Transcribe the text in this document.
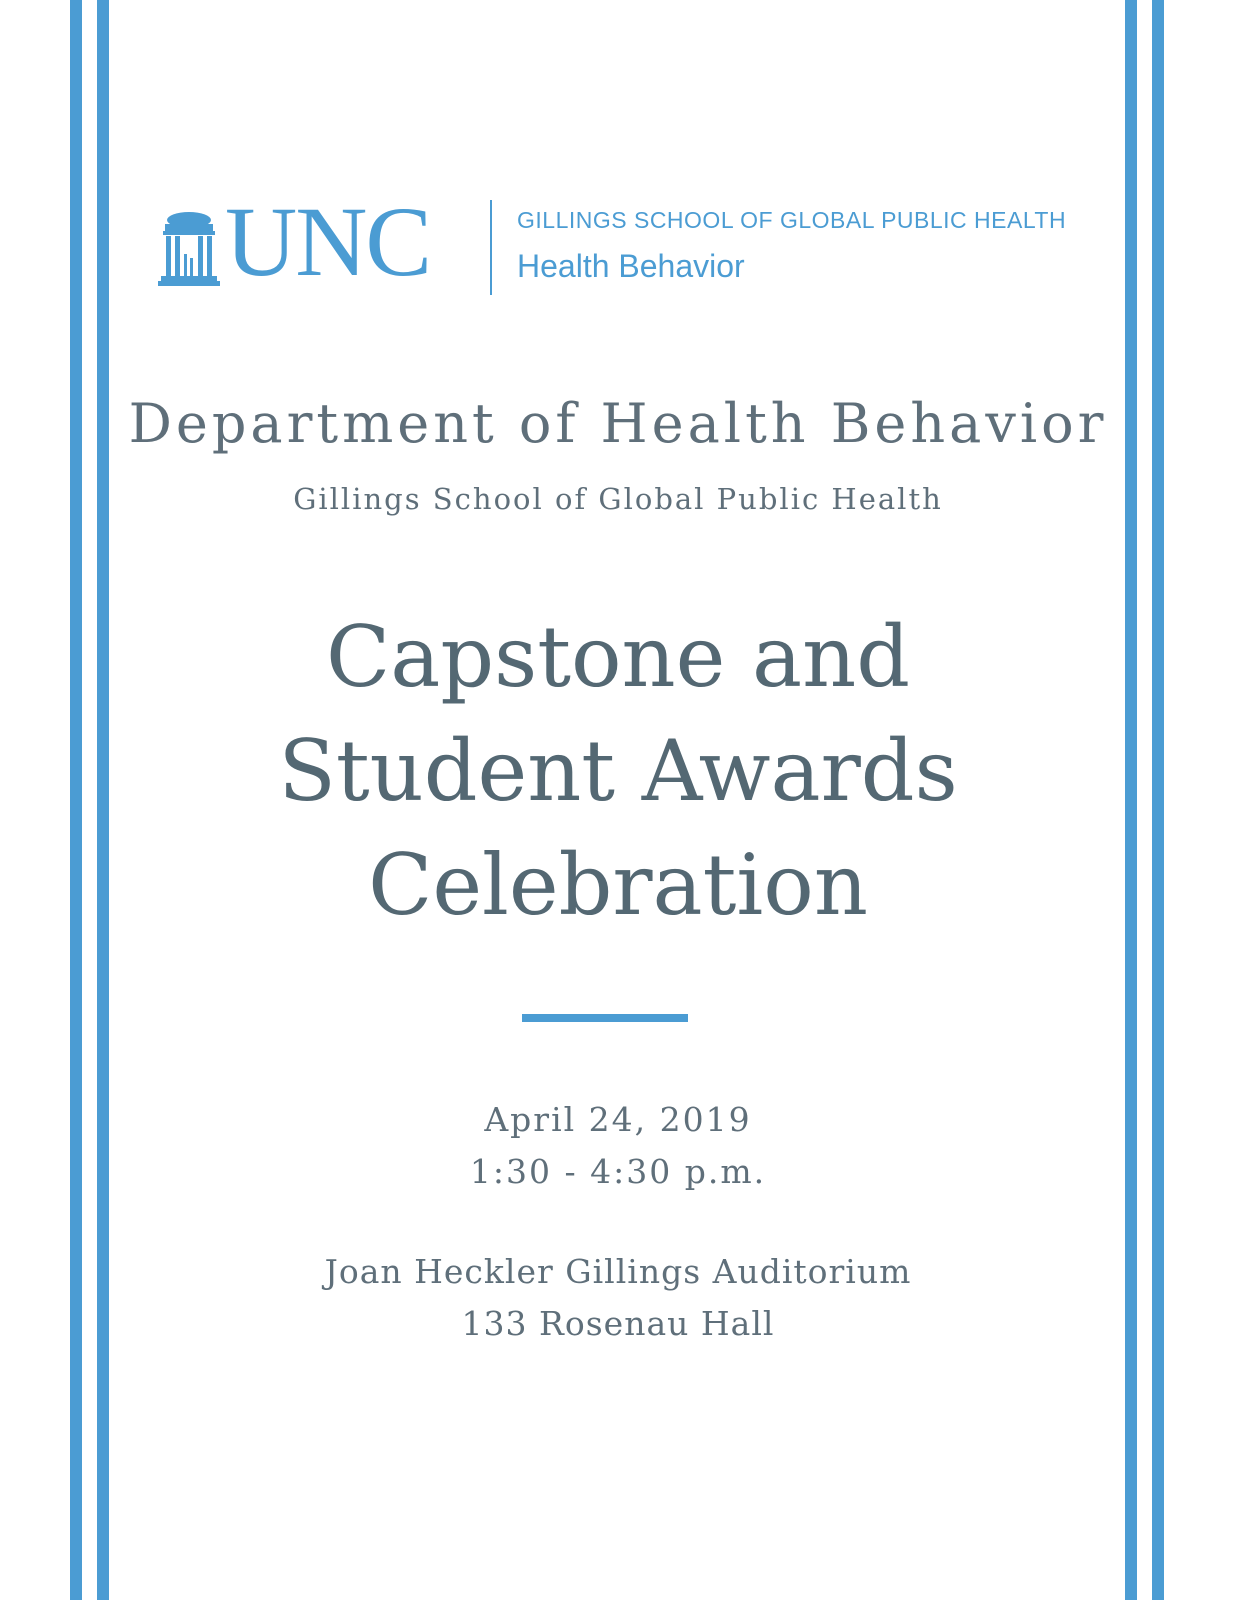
UNC	GILLINGS SCHOOL OF GLOBAL PUBLIC HEALTH
Health Behavior
Department of Health Behavior
Gillings School of Global Public Health
Capstone and
Student Awards
Celebration
April 24, 2019
1:30 - 4:30 p.m.
Joan Heckler Gillings Auditorium
133 Rosenau Hall
